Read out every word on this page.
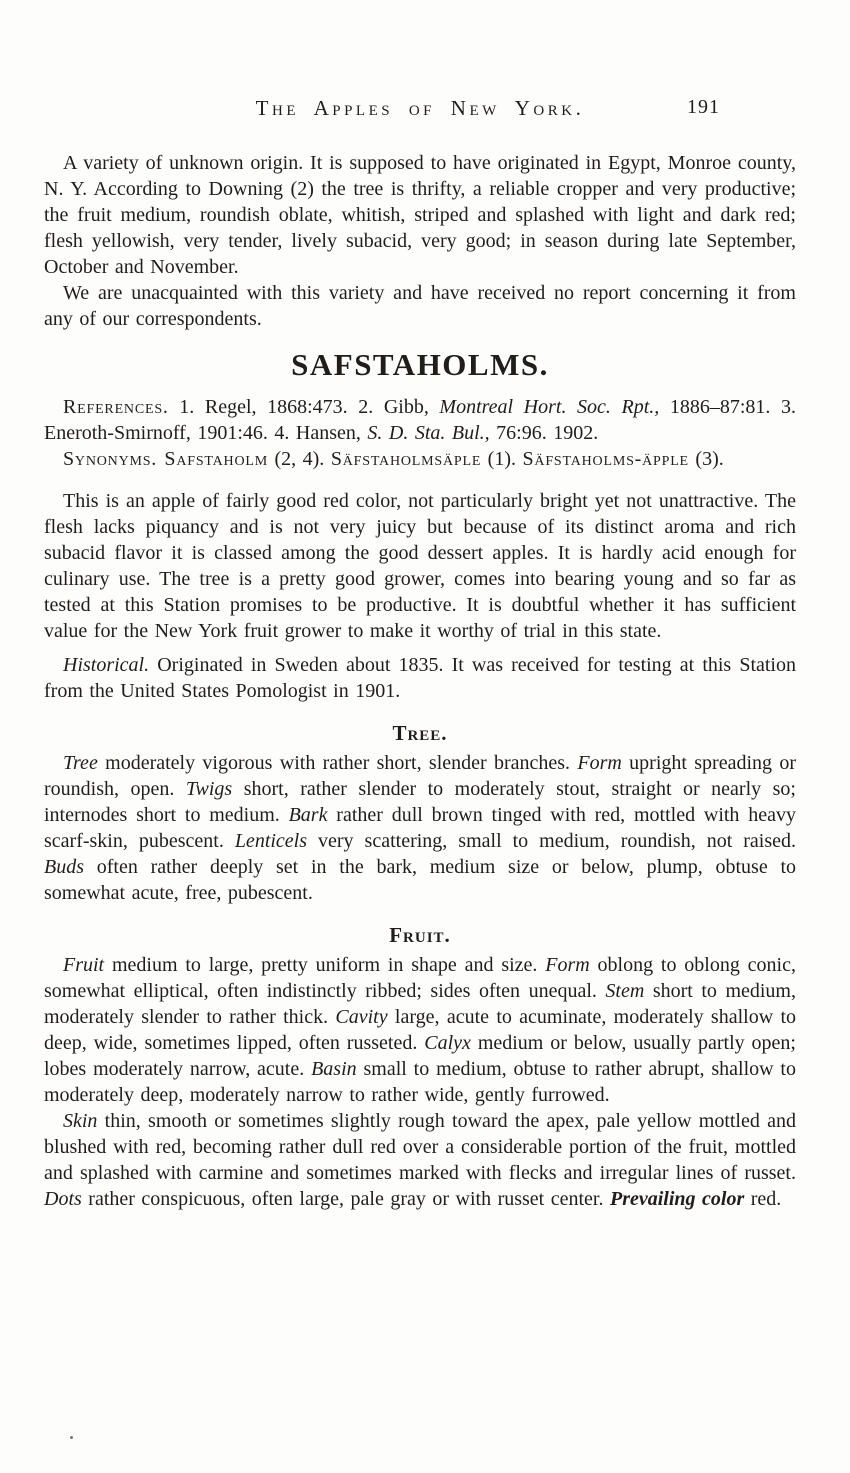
The Apples of New York.	191

A variety of unknown origin. It is supposed to have originated in Egypt, Monroe county, N. Y. According to Downing (2) the tree is thrifty, a reliable cropper and very productive; the fruit medium, roundish oblate, whitish, striped and splashed with light and dark red; flesh yellowish, very tender, lively subacid, very good; in season during late September, October and November.

We are unacquainted with this variety and have received no report concerning it from any of our correspondents.

SAFSTAHOLMS.

References. 1. Regel, 1868:473. 2. Gibb, Montreal Hort. Soc. Rpt., 1886–87:81. 3. Eneroth-Smirnoff, 1901:46. 4. Hansen, S. D. Sta. Bul., 76:96. 1902.

Synonyms. Safstaholm (2, 4). Säfstaholmsäple (1). Säfstaholms-äpple (3).

This is an apple of fairly good red color, not particularly bright yet not unattractive. The flesh lacks piquancy and is not very juicy but because of its distinct aroma and rich subacid flavor it is classed among the good dessert apples. It is hardly acid enough for culinary use. The tree is a pretty good grower, comes into bearing young and so far as tested at this Station promises to be productive. It is doubtful whether it has sufficient value for the New York fruit grower to make it worthy of trial in this state.

Historical. Originated in Sweden about 1835. It was received for testing at this Station from the United States Pomologist in 1901.

Tree.

Tree moderately vigorous with rather short, slender branches. Form upright spreading or roundish, open. Twigs short, rather slender to moderately stout, straight or nearly so; internodes short to medium. Bark rather dull brown tinged with red, mottled with heavy scarf-skin, pubescent. Lenticels very scattering, small to medium, roundish, not raised. Buds often rather deeply set in the bark, medium size or below, plump, obtuse to somewhat acute, free, pubescent.

Fruit.

Fruit medium to large, pretty uniform in shape and size. Form oblong to oblong conic, somewhat elliptical, often indistinctly ribbed; sides often unequal. Stem short to medium, moderately slender to rather thick. Cavity large, acute to acuminate, moderately shallow to deep, wide, sometimes lipped, often russeted. Calyx medium or below, usually partly open; lobes moderately narrow, acute. Basin small to medium, obtuse to rather abrupt, shallow to moderately deep, moderately narrow to rather wide, gently furrowed.

Skin thin, smooth or sometimes slightly rough toward the apex, pale yellow mottled and blushed with red, becoming rather dull red over a considerable portion of the fruit, mottled and splashed with carmine and sometimes marked with flecks and irregular lines of russet. Dots rather conspicuous, often large, pale gray or with russet center. Prevailing color red.
